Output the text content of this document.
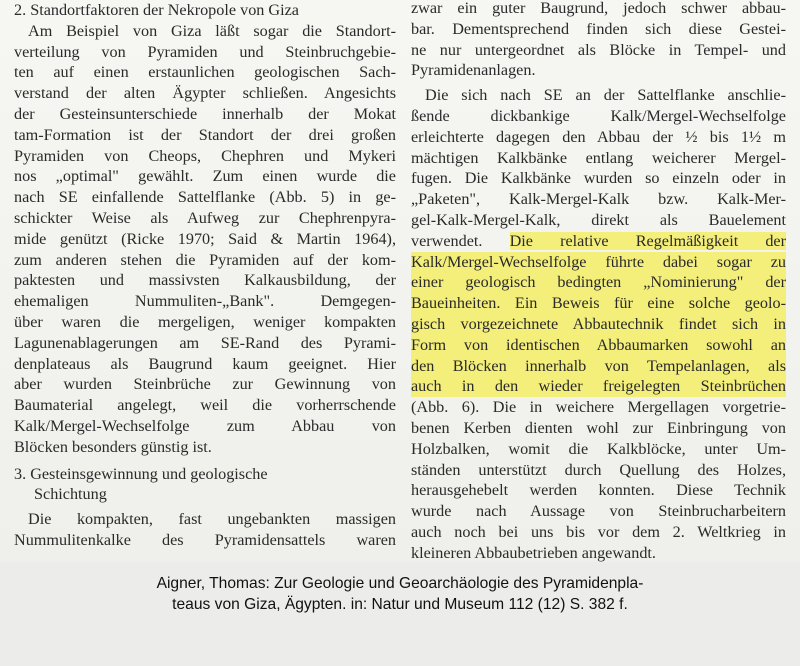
2. Standortfaktoren der Nekropole von Giza
Am Beispiel von Giza läßt sogar die Standort-
verteilung von Pyramiden und Steinbruchgebie-
ten auf einen erstaunlichen geologischen Sach-
verstand der alten Ägypter schließen. Angesichts
der Gesteinsunterschiede innerhalb der Mokat
tam-Formation ist der Standort der drei großen
Pyramiden von Cheops, Chephren und Mykeri
nos „optimal" gewählt. Zum einen wurde die
nach SE einfallende Sattelflanke (Abb. 5) in ge-
schickter Weise als Aufweg zur Chephrenpyra-
mide genützt (Ricke 1970; Said & Martin 1964),
zum anderen stehen die Pyramiden auf der kom-
paktesten und massivsten Kalkausbildung, der
ehemaligen Nummuliten-„Bank". Demgegen-
über waren die mergeligen, weniger kompakten
Lagunenablagerungen am SE-Rand des Pyrami-
denplateaus als Baugrund kaum geeignet. Hier
aber wurden Steinbrüche zur Gewinnung von
Baumaterial angelegt, weil die vorherrschende
Kalk/Mergel-Wechselfolge zum Abbau von
Blöcken besonders günstig ist.
3. Gesteinsgewinnung und geologische
Schichtung
Die kompakten, fast ungebankten massigen
Nummulitenkalke des Pyramidensattels waren
zwar ein guter Baugrund, jedoch schwer abbau-
bar. Dementsprechend finden sich diese Gestei-
ne nur untergeordnet als Blöcke in Tempel- und
Pyramidenanlagen.
Die sich nach SE an der Sattelflanke anschlie-
ßende dickbankige Kalk/Mergel-Wechselfolge
erleichterte dagegen den Abbau der ½ bis 1½ m
mächtigen Kalkbänke entlang weicherer Mergel-
fugen. Die Kalkbänke wurden so einzeln oder in
„Paketen", Kalk-Mergel-Kalk bzw. Kalk-Mer-
gel-Kalk-Mergel-Kalk, direkt als Bauelement
verwendet. Die relative Regelmäßigkeit der
Kalk/Mergel-Wechselfolge führte dabei sogar zu
einer geologisch bedingten „Nominierung" der
Baueinheiten. Ein Beweis für eine solche geolo-
gisch vorgezeichnete Abbautechnik findet sich in
Form von identischen Abbaumarken sowohl an
den Blöcken innerhalb von Tempelanlagen, als
auch in den wieder freigelegten Steinbrüchen
(Abb. 6). Die in weichere Mergellagen vorgetrie-
benen Kerben dienten wohl zur Einbringung von
Holzbalken, womit die Kalkblöcke, unter Um-
ständen unterstützt durch Quellung des Holzes,
herausgehebelt werden konnten. Diese Technik
wurde nach Aussage von Steinbrucharbeitern
auch noch bei uns bis vor dem 2. Weltkrieg in
kleineren Abbaubetrieben angewandt.
Aigner, Thomas: Zur Geologie und Geoarchäologie des Pyramidenpla-
teaus von Giza, Ägypten. in: Natur und Museum 112 (12) S. 382 f.
